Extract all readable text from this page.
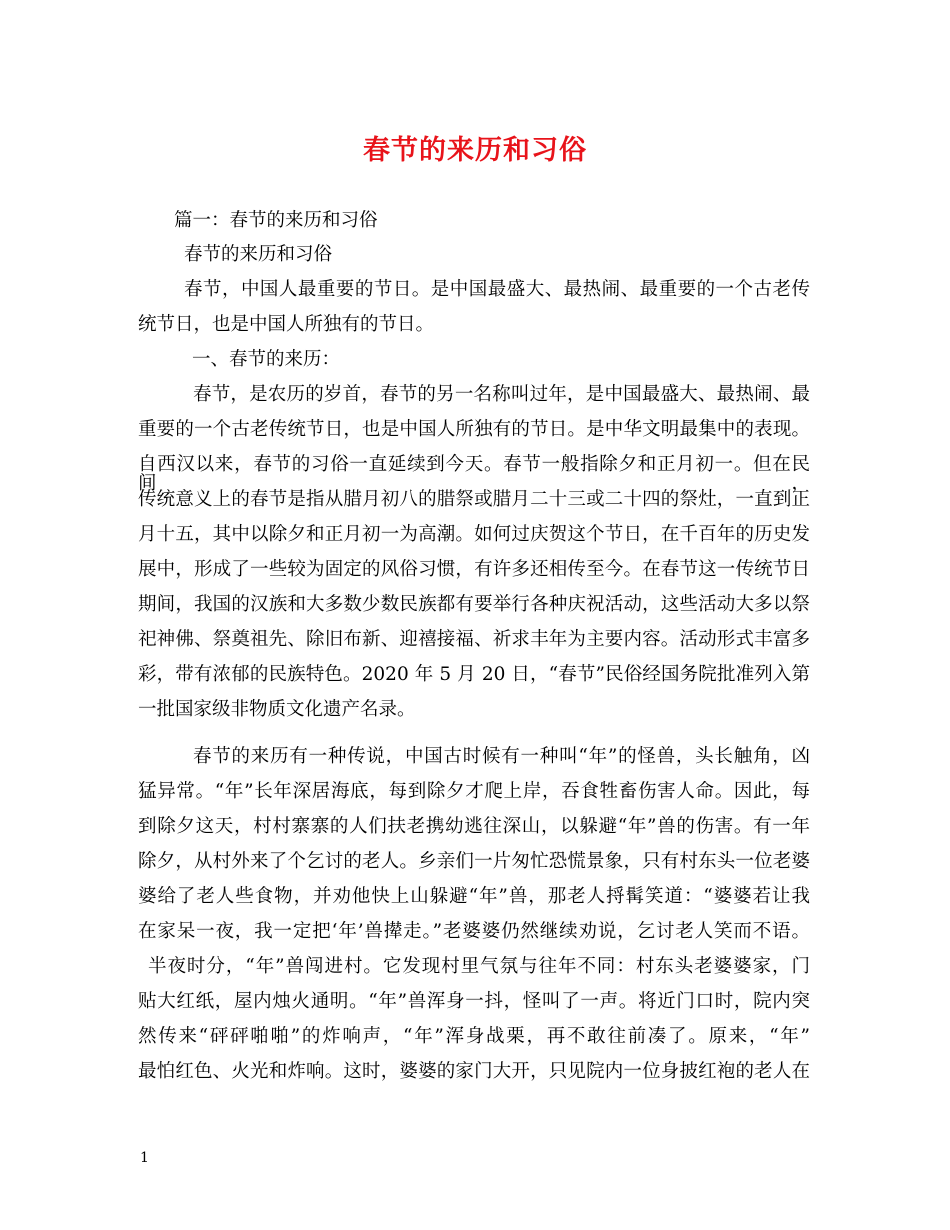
春节的来历和习俗
篇一：春节的来历和习俗
春节的来历和习俗
春节，中国人最重要的节日。是中国最盛大、最热闹、最重要的一个古老传
统节日，也是中国人所独有的节日。
一、春节的来历：
春节，是农历的岁首，春节的另一名称叫过年，是中国最盛大、最热闹、最
重要的一个古老传统节日，也是中国人所独有的节日。是中华文明最集中的表现。
自西汉以来，春节的习俗一直延续到今天。春节一般指除夕和正月初一。但在民间，
传统意义上的春节是指从腊月初八的腊祭或腊月二十三或二十四的祭灶，一直到正
月十五，其中以除夕和正月初一为高潮。如何过庆贺这个节日，在千百年的历史发
展中，形成了一些较为固定的风俗习惯，有许多还相传至今。在春节这一传统节日
期间，我国的汉族和大多数少数民族都有要举行各种庆祝活动，这些活动大多以祭
祀神佛、祭奠祖先、除旧布新、迎禧接福、祈求丰年为主要内容。活动形式丰富多
彩，带有浓郁的民族特色。2020 年 5 月 20 日，“春节”民俗经国务院批准列入第
一批国家级非物质文化遗产名录。
春节的来历有一种传说，中国古时候有一种叫“年”的怪兽，头长触角，凶
猛异常。“年”长年深居海底，每到除夕才爬上岸，吞食牲畜伤害人命。因此，每
到除夕这天，村村寨寨的人们扶老携幼逃往深山，以躲避“年”兽的伤害。有一年
除夕，从村外来了个乞讨的老人。乡亲们一片匆忙恐慌景象，只有村东头一位老婆
婆给了老人些食物，并劝他快上山躲避“年”兽，那老人捋髯笑道：“婆婆若让我
在家呆一夜，我一定把‘年’兽撵走。”老婆婆仍然继续劝说，乞讨老人笑而不语。
半夜时分，“年”兽闯进村。它发现村里气氛与往年不同：村东头老婆婆家，门
贴大红纸，屋内烛火通明。“年”兽浑身一抖，怪叫了一声。将近门口时，院内突
然传来“砰砰啪啪”的炸响声，“年”浑身战栗，再不敢往前凑了。原来，“年”
最怕红色、火光和炸响。这时，婆婆的家门大开，只见院内一位身披红袍的老人在
1
